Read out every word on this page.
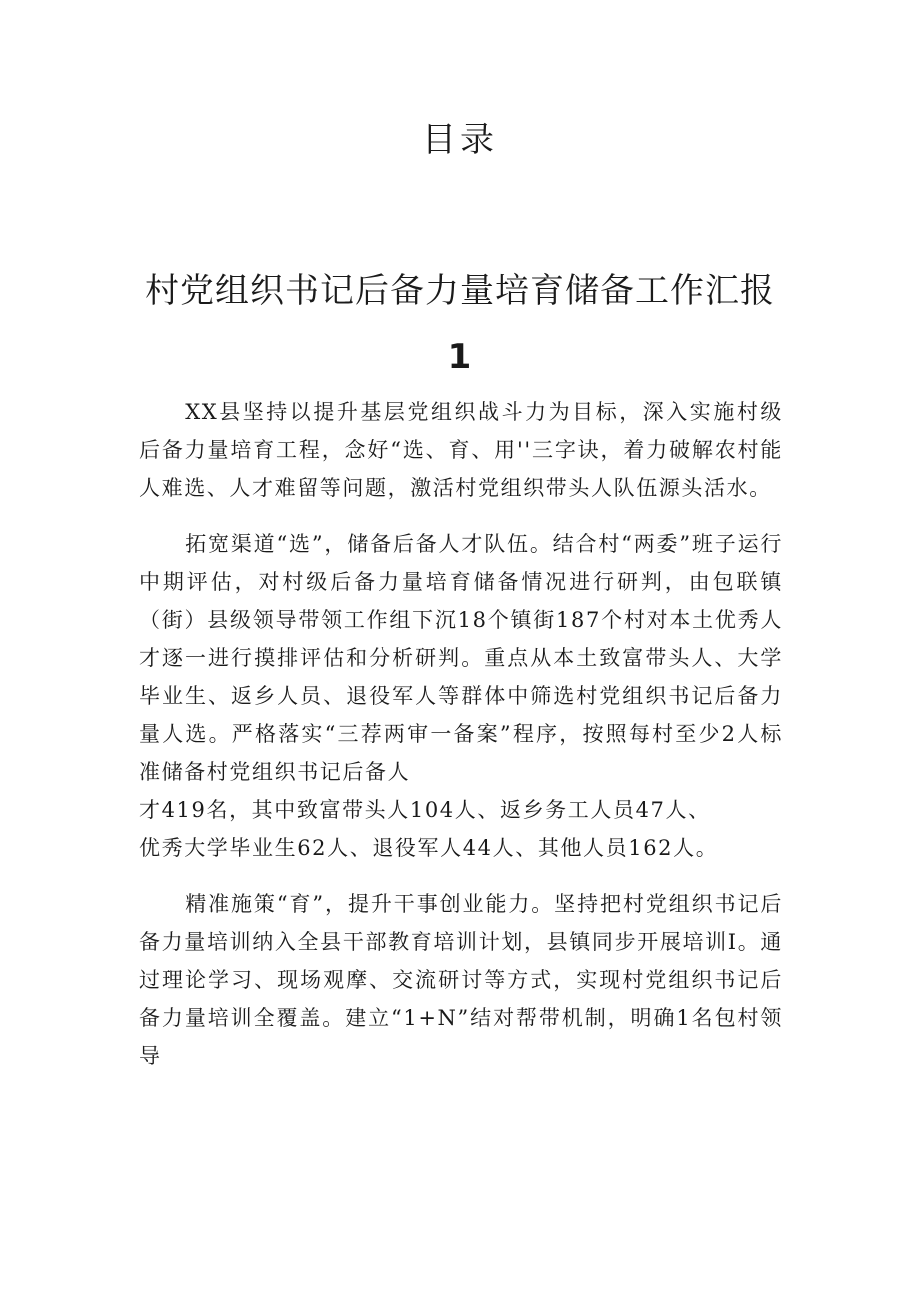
目录
村党组织书记后备力量培育储备工作汇报
1

XX县坚持以提升基层党组织战斗力为目标，深入实施村级后备力量培育工程，念好“选、育、用''三字诀，着力破解农村能人难选、人才难留等问题，激活村党组织带头人队伍源头活水。

拓宽渠道“选”，储备后备人才队伍。结合村“两委”班子运行中期评估，对村级后备力量培育储备情况进行研判，由包联镇（街）县级领导带领工作组下沉18个镇街187个村对本土优秀人才逐一进行摸排评估和分析研判。重点从本土致富带头人、大学毕业生、返乡人员、退役军人等群体中筛选村党组织书记后备力量人选。严格落实“三荐两审一备案”程序，按照每村至少2人标准储备村党组织书记后备人

才419名，其中致富带头人104人、返乡务工人员47人、

优秀大学毕业生62人、退役军人44人、其他人员162人。

精准施策“育”，提升干事创业能力。坚持把村党组织书记后备力量培训纳入全县干部教育培训计划，县镇同步开展培训I。通过理论学习、现场观摩、交流研讨等方式，实现村党组织书记后备力量培训全覆盖。建立“1+N”结对帮带机制，明确1名包村领导
